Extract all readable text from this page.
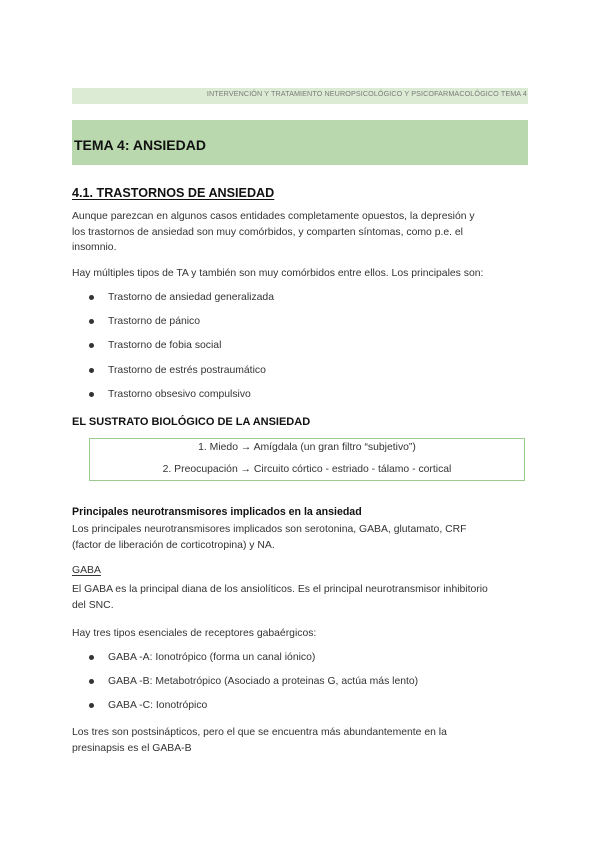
INTERVENCIÓN Y TRATAMIENTO NEUROPSICOLÓGICO Y PSICOFARMACOLÓGICO TEMA 4
TEMA 4: ANSIEDAD
4.1. TRASTORNOS DE ANSIEDAD
Aunque parezcan en algunos casos entidades completamente opuestos, la depresión y
los trastornos de ansiedad son muy comórbidos, y comparten síntomas, como p.e. el
insomnio.
Hay múltiples tipos de TA y también son muy comórbidos entre ellos. Los principales son:
Trastorno de ansiedad generalizada
Trastorno de pánico
Trastorno de fobia social
Trastorno de estrés postraumático
Trastorno obsesivo compulsivo
EL SUSTRATO BIOLÓGICO DE LA ANSIEDAD
1. Miedo → Amígdala (un gran filtro “subjetivo”)
2. Preocupación → Circuito córtico - estriado - tálamo - cortical
Principales neurotransmisores implicados en la ansiedad
Los principales neurotransmisores implicados son serotonina, GABA, glutamato, CRF
(factor de liberación de corticotropina) y NA.
GABA
El GABA es la principal diana de los ansiolíticos. Es el principal neurotransmisor inhibitorio
del SNC.
Hay tres tipos esenciales de receptores gabaérgicos:
GABA -A: Ionotrópico (forma un canal iónico)
GABA -B: Metabotrópico (Asociado a proteinas G, actúa más lento)
GABA -C: Ionotrópico
Los tres son postsinápticos, pero el que se encuentra más abundantemente en la
presinapsis es el GABA-B
